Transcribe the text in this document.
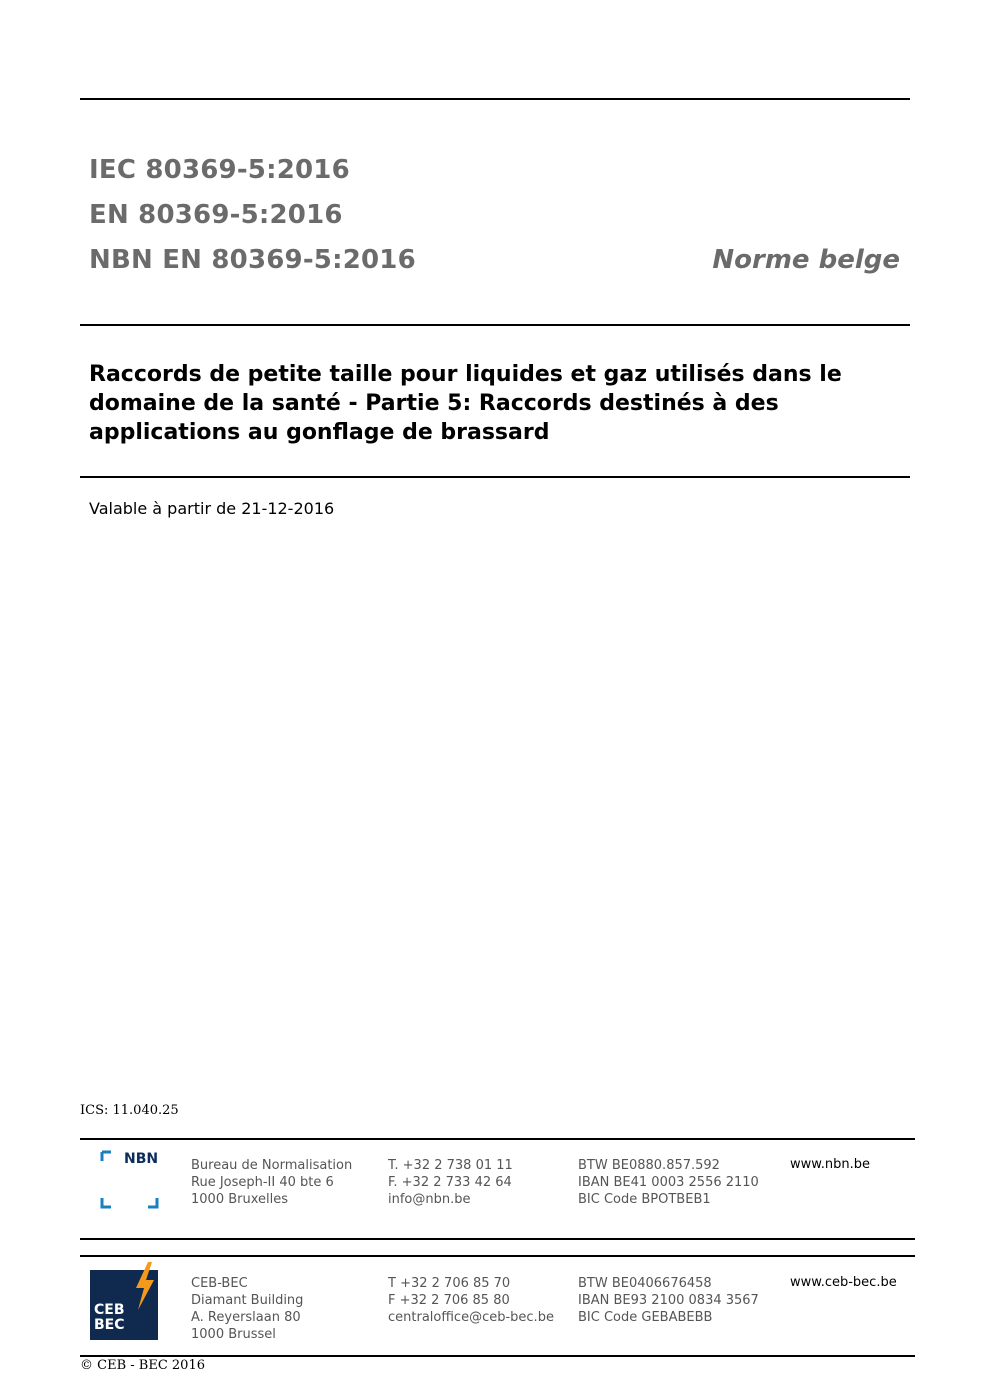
IEC 80369-5:2016
EN 80369-5:2016
NBN EN 80369-5:2016	Norme belge
Raccords de petite taille pour liquides et gaz utilisés dans le domaine de la santé - Partie 5: Raccords destinés à des applications au gonflage de brassard
Valable à partir de 21-12-2016
ICS: 11.040.25
NBN	Bureau de Normalisation
Rue Joseph-II 40 bte 6
1000 Bruxelles
T. +32 2 738 01 11
F. +32 2 733 42 64
info@nbn.be
BTW BE0880.857.592
IBAN BE41 0003 2556 2110
BIC Code BPOTBEB1
www.nbn.be
CEB
BEC
CEB-BEC
Diamant Building
A. Reyerslaan 80
1000 Brussel
T +32 2 706 85 70
F +32 2 706 85 80
centraloffice@ceb-bec.be
BTW BE0406676458
IBAN BE93 2100 0834 3567
BIC Code GEBABEBB
www.ceb-bec.be
© CEB - BEC 2016
